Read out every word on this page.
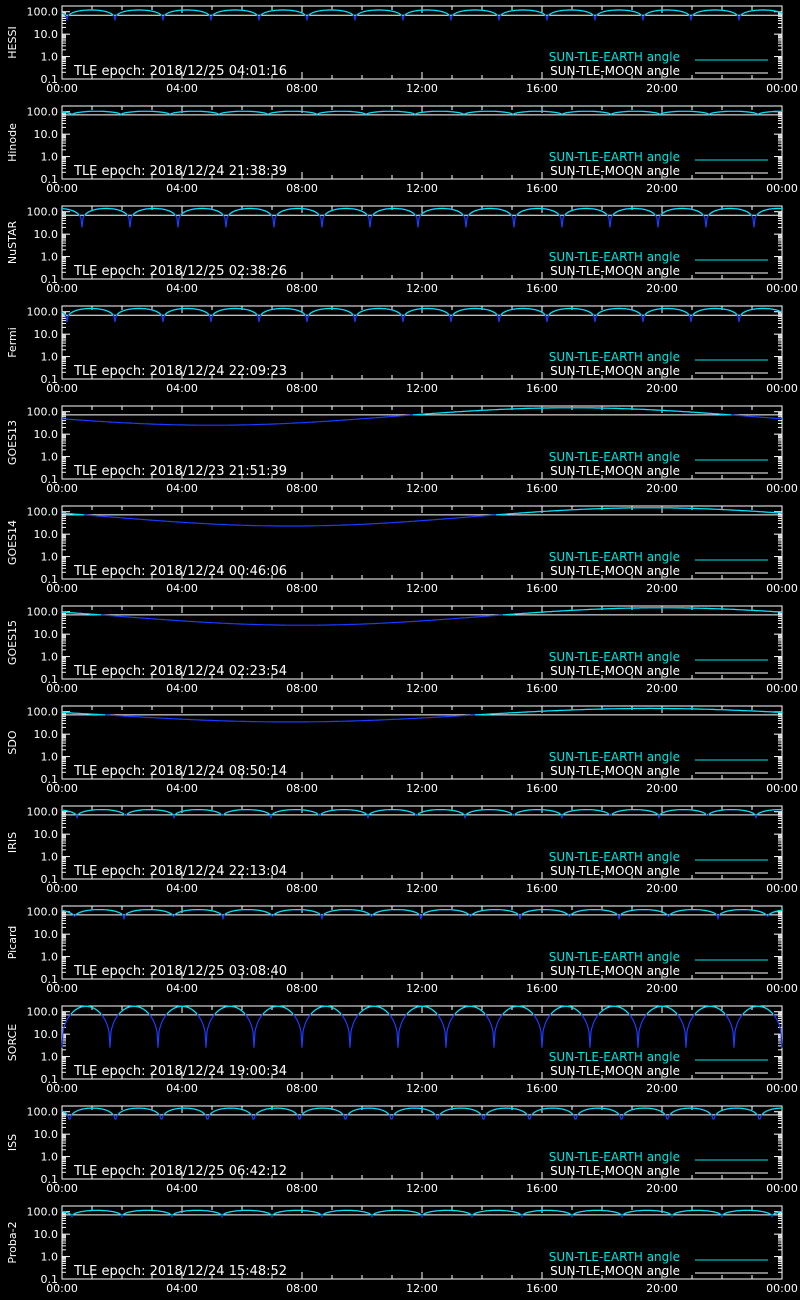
100.0
10.0
1.0
0.1
00:00	04:00	08:00	12:00	16:00	20:00	00:00
HESSI	SUN-TLE-EARTH angle
SUN-TLE-MOON angle
TLE epoch: 2018/12/25 04:01:16
100.0
10.0
1.0
0.1
00:00	04:00	08:00	12:00	16:00	20:00	00:00
Hinode	SUN-TLE-EARTH angle
SUN-TLE-MOON angle
TLE epoch: 2018/12/24 21:38:39
100.0
10.0
1.0
0.1
00:00	04:00	08:00	12:00	16:00	20:00	00:00
NuSTAR	SUN-TLE-EARTH angle
SUN-TLE-MOON angle
TLE epoch: 2018/12/25 02:38:26
100.0
10.0
1.0
0.1
00:00	04:00	08:00	12:00	16:00	20:00	00:00
Fermi	SUN-TLE-EARTH angle
SUN-TLE-MOON angle
TLE epoch: 2018/12/24 22:09:23
100.0
10.0
1.0
0.1
00:00	04:00	08:00	12:00	16:00	20:00	00:00
GOES13	SUN-TLE-EARTH angle
SUN-TLE-MOON angle
TLE epoch: 2018/12/23 21:51:39
100.0
10.0
1.0
0.1
00:00	04:00	08:00	12:00	16:00	20:00	00:00
GOES14	SUN-TLE-EARTH angle
SUN-TLE-MOON angle
TLE epoch: 2018/12/24 00:46:06
100.0
10.0
1.0
0.1
00:00	04:00	08:00	12:00	16:00	20:00	00:00
GOES15	SUN-TLE-EARTH angle
SUN-TLE-MOON angle
TLE epoch: 2018/12/24 02:23:54
100.0
10.0
1.0
0.1
00:00	04:00	08:00	12:00	16:00	20:00	00:00
SDO
SUN-TLE-EARTH angle
SUN-TLE-MOON angle
TLE epoch: 2018/12/24 08:50:14
100.0
10.0
1.0
0.1
00:00	04:00	08:00	12:00	16:00	20:00	00:00
IRIS
SUN-TLE-EARTH angle
SUN-TLE-MOON angle
TLE epoch: 2018/12/24 22:13:04
100.0
10.0
1.0
0.1
00:00	04:00	08:00	12:00	16:00	20:00	00:00
Picard	SUN-TLE-EARTH angle
SUN-TLE-MOON angle
TLE epoch: 2018/12/25 03:08:40
100.0
10.0
1.0
0.1
00:00	04:00	08:00	12:00	16:00	20:00	00:00
SORCE	SUN-TLE-EARTH angle
SUN-TLE-MOON angle
TLE epoch: 2018/12/24 19:00:34
100.0
10.0
1.0
0.1
00:00	04:00	08:00	12:00	16:00	20:00	00:00
ISS
SUN-TLE-EARTH angle
SUN-TLE-MOON angle
TLE epoch: 2018/12/25 06:42:12
100.0
10.0
1.0
0.1
00:00	04:00	08:00	12:00	16:00	20:00	00:00
Proba-2	SUN-TLE-EARTH angle
SUN-TLE-MOON angle
TLE epoch: 2018/12/24 15:48:52
